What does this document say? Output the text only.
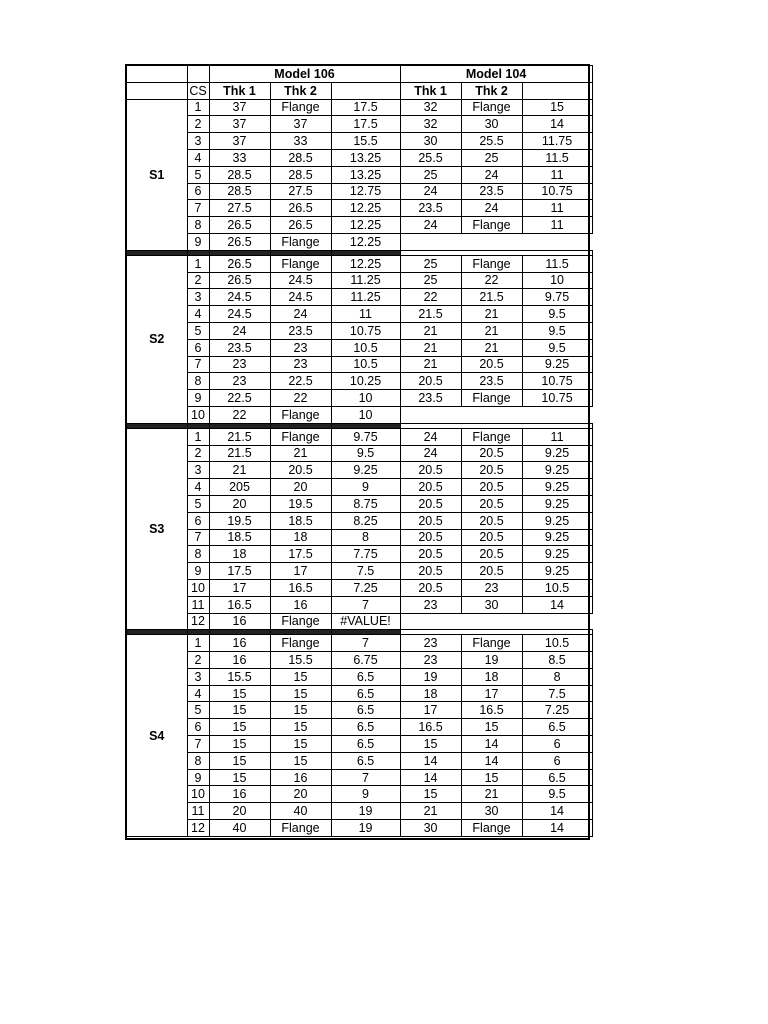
		Model 106			Model 104		
	CS	Thk 1	Thk 2		Thk 1	Thk 2	
S1	1	37	Flange	17.5	32	Flange	15
	2	37	37	17.5	32	30	14
	3	37	33	15.5	30	25.5	11.75
	4	33	28.5	13.25	25.5	25	11.5
	5	28.5	28.5	13.25	25	24	11
	6	28.5	27.5	12.75	24	23.5	10.75
	7	27.5	26.5	12.25	23.5	24	11
	8	26.5	26.5	12.25	24	Flange	11
	9	26.5	Flange	12.25			

S2	1	26.5	Flange	12.25	25	Flange	11.5
	2	26.5	24.5	11.25	25	22	10
	3	24.5	24.5	11.25	22	21.5	9.75
	4	24.5	24	11	21.5	21	9.5
	5	24	23.5	10.75	21	21	9.5
	6	23.5	23	10.5	21	21	9.5
	7	23	23	10.5	21	20.5	9.25
	8	23	22.5	10.25	20.5	23.5	10.75
	9	22.5	22	10	23.5	Flange	10.75
	10	22	Flange	10			

S3	1	21.5	Flange	9.75	24	Flange	11
	2	21.5	21	9.5	24	20.5	9.25
	3	21	20.5	9.25	20.5	20.5	9.25
	4	205	20	9	20.5	20.5	9.25
	5	20	19.5	8.75	20.5	20.5	9.25
	6	19.5	18.5	8.25	20.5	20.5	9.25
	7	18.5	18	8	20.5	20.5	9.25
	8	18	17.5	7.75	20.5	20.5	9.25
	9	17.5	17	7.5	20.5	20.5	9.25
	10	17	16.5	7.25	20.5	23	10.5
	11	16.5	16	7	23	30	14
	12	16	Flange	#VALUE!			

S4	1	16	Flange	7	23	Flange	10.5
	2	16	15.5	6.75	23	19	8.5
	3	15.5	15	6.5	19	18	8
	4	15	15	6.5	18	17	7.5
	5	15	15	6.5	17	16.5	7.25
	6	15	15	6.5	16.5	15	6.5
	7	15	15	6.5	15	14	6
	8	15	15	6.5	14	14	6
	9	15	16	7	14	15	6.5
	10	16	20	9	15	21	9.5
	11	20	40	19	21	30	14
	12	40	Flange	19	30	Flange	14
